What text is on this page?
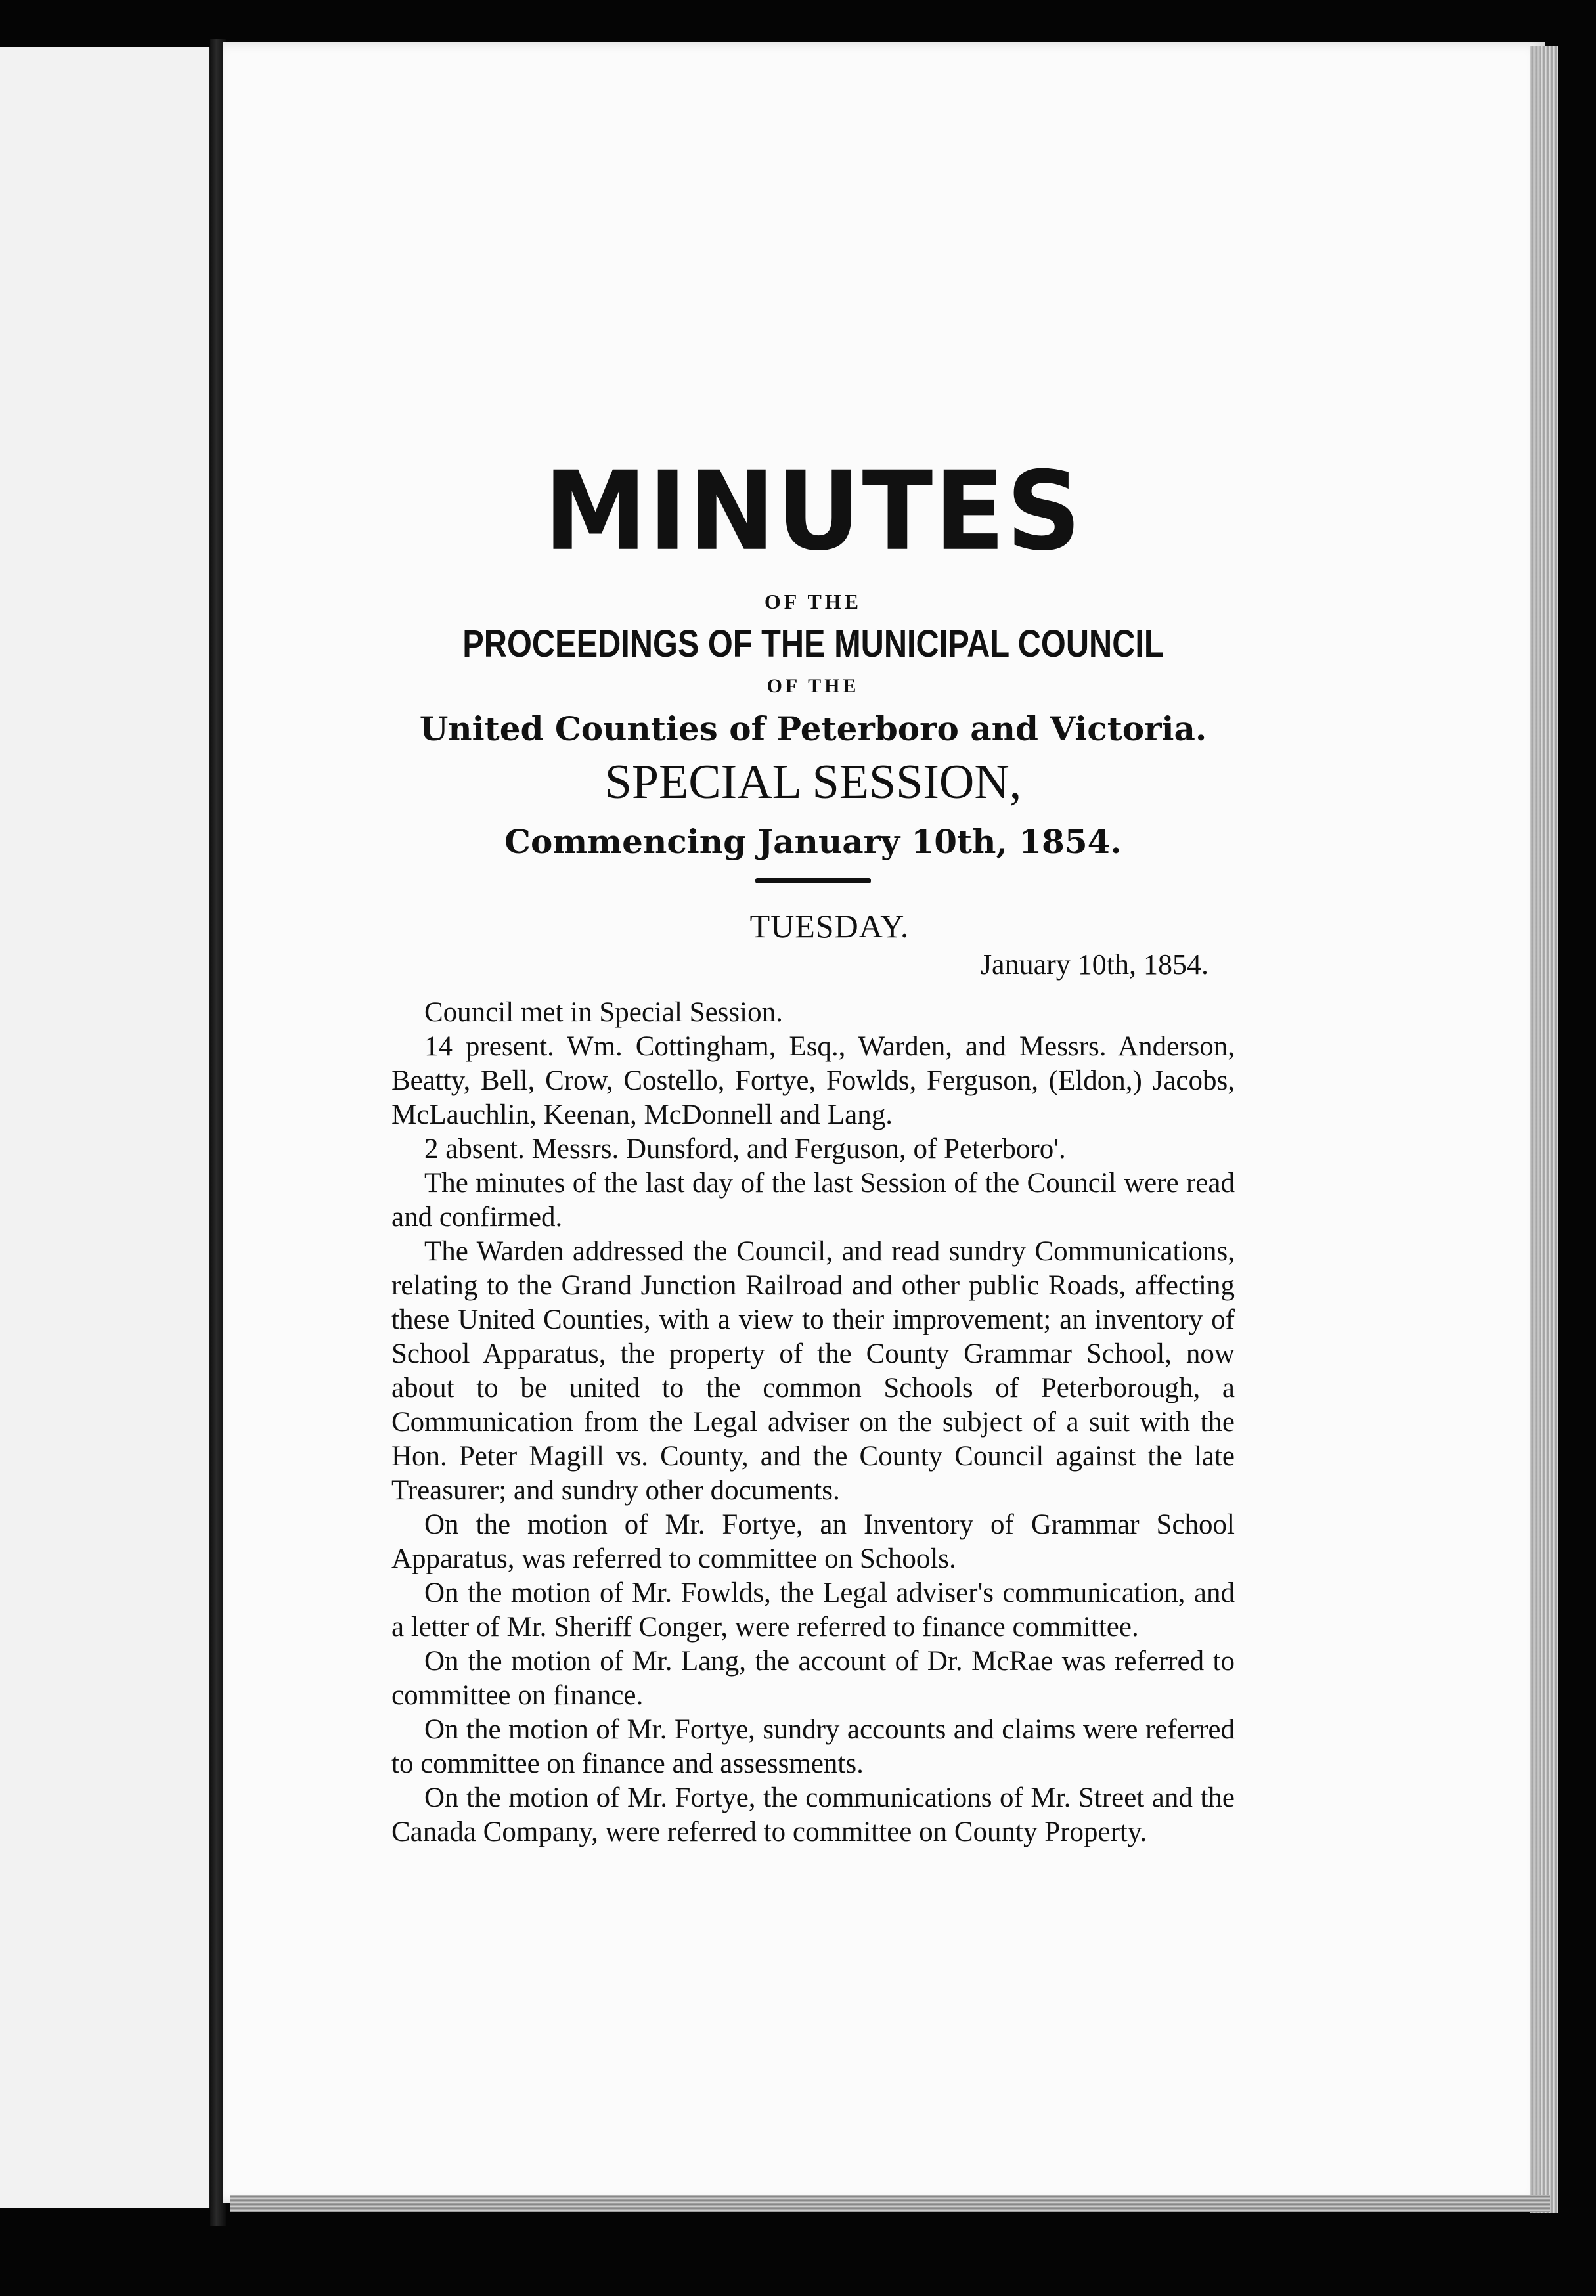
MINUTES
OF THE
PROCEEDINGS OF THE MUNICIPAL COUNCIL
OF THE
United Counties of Peterboro and Victoria.
SPECIAL SESSION,
Commencing January 10th, 1854.
TUESDAY.
January 10th, 1854.

Council met in Special Session.

14 present. Wm. Cottingham, Esq., Warden, and Messrs. Anderson, Beatty, Bell, Crow, Costello, Fortye, Fowlds, Ferguson, (Eldon,) Jacobs, McLauchlin, Keenan, McDonnell and Lang.

2 absent. Messrs. Dunsford, and Ferguson, of Peterboro'.

The minutes of the last day of the last Session of the Council were read and confirmed.

The Warden addressed the Council, and read sundry Communications, relating to the Grand Junction Railroad and other public Roads, affecting these United Counties, with a view to their improvement; an inventory of School Apparatus, the property of the County Grammar School, now about to be united to the common Schools of Peterborough, a Communication from the Legal adviser on the subject of a suit with the Hon. Peter Magill vs. County, and the County Council against the late Treasurer; and sundry other documents.

On the motion of Mr. Fortye, an Inventory of Grammar School Apparatus, was referred to committee on Schools.

On the motion of Mr. Fowlds, the Legal adviser's communication, and a letter of Mr. Sheriff Conger, were referred to finance committee.

On the motion of Mr. Lang, the account of Dr. McRae was referred to committee on finance.

On the motion of Mr. Fortye, sundry accounts and claims were referred to committee on finance and assessments.

On the motion of Mr. Fortye, the communications of Mr. Street and the Canada Company, were referred to committee on County Property.
